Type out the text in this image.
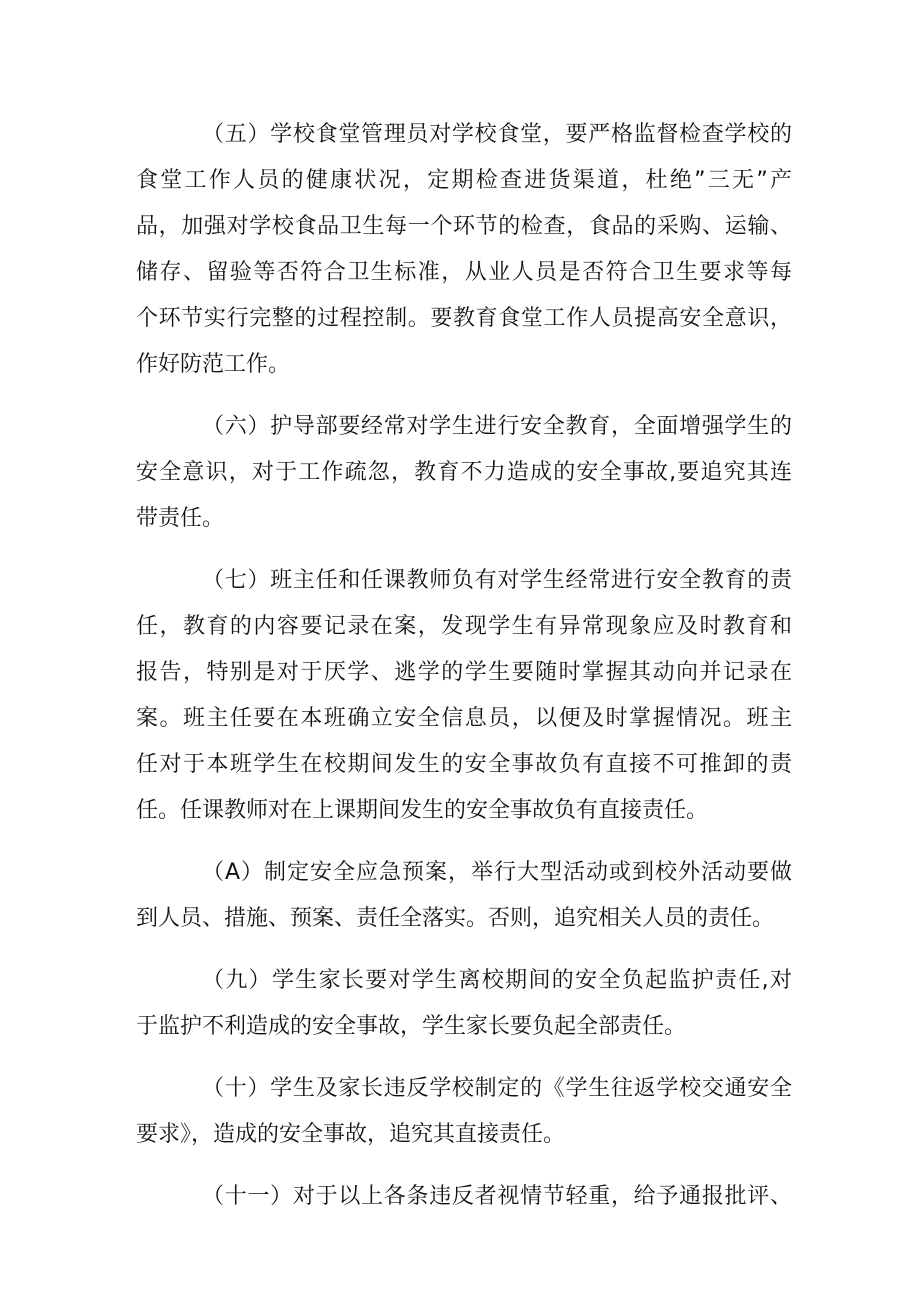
（五）学校食堂管理员对学校食堂，要严格监督检查学校的
食堂工作人员的健康状况，定期检查进货渠道，杜绝”三无”产
品，加强对学校食品卫生每一个环节的检查，食品的采购、运输、
储存、留验等否符合卫生标准，从业人员是否符合卫生要求等每
个环节实行完整的过程控制。要教育食堂工作人员提高安全意识，
作好防范工作。
（六）护导部要经常对学生进行安全教育，全面增强学生的
安全意识，对于工作疏忽，教育不力造成的安全事故,要追究其连
带责任。
（七）班主任和任课教师负有对学生经常进行安全教育的责
任，教育的内容要记录在案，发现学生有异常现象应及时教育和
报告，特别是对于厌学、逃学的学生要随时掌握其动向并记录在
案。班主任要在本班确立安全信息员，以便及时掌握情况。班主
任对于本班学生在校期间发生的安全事故负有直接不可推卸的责
任。任课教师对在上课期间发生的安全事故负有直接责任。
（A）制定安全应急预案，举行大型活动或到校外活动要做
到人员、措施、预案、责任全落实。否则，追究相关人员的责任。
（九）学生家长要对学生离校期间的安全负起监护责任,对
于监护不利造成的安全事故，学生家长要负起全部责任。
（十）学生及家长违反学校制定的《学生往返学校交通安全
要求》，造成的安全事故，追究其直接责任。
（十一）对于以上各条违反者视情节轻重，给予通报批评、
